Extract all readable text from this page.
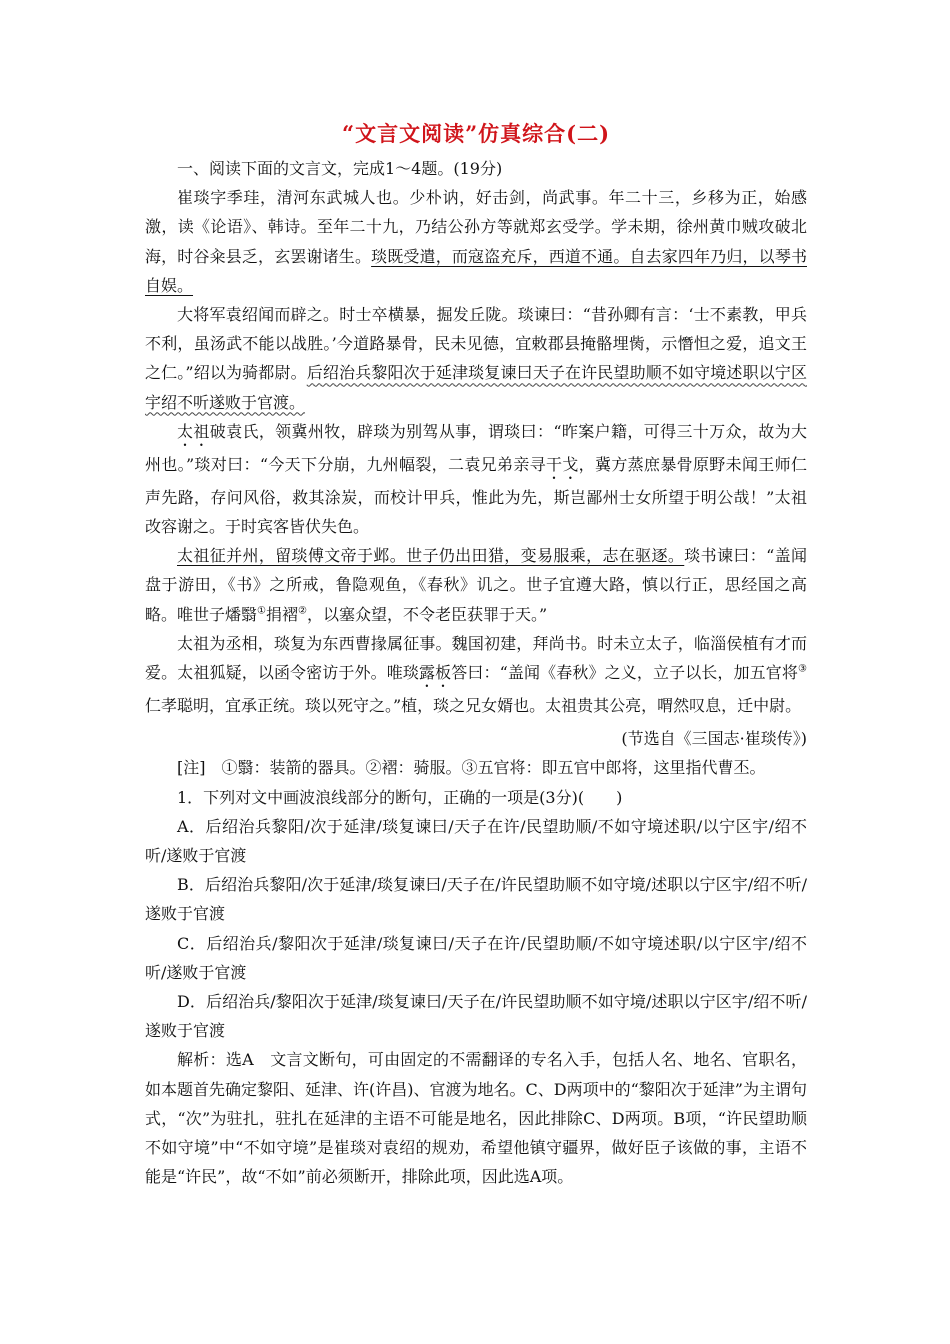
“文言文阅读”仿真综合(二)

一、阅读下面的文言文，完成1～4题。(19分)

崔琰字季珪，清河东武城人也。少朴讷，好击剑，尚武事。年二十三，乡移为正，始感激，读《论语》、韩诗。至年二十九，乃结公孙方等就郑玄受学。学未期，徐州黄巾贼攻破北海，时谷籴县乏，玄罢谢诸生。琰既受遣，而寇盗充斥，西道不通。自去家四年乃归，以琴书自娱。

大将军袁绍闻而辟之。时士卒横暴，掘发丘陇。琰谏曰：“昔孙卿有言：‘士不素教，甲兵不利，虽汤武不能以战胜。’今道路暴骨，民未见德，宜敕郡县掩骼埋胔，示憯怛之爱，追文王之仁。”绍以为骑都尉。后绍治兵黎阳次于延津琰复谏曰天子在许民望助顺不如守境述职以宁区宇绍不听遂败于官渡。

太祖破袁氏，领冀州牧，辟琰为别驾从事，谓琰曰：“昨案户籍，可得三十万众，故为大州也。”琰对曰：“今天下分崩，九州幅裂，二袁兄弟亲寻干戈，冀方蒸庶暴骨原野未闻王师仁声先路，存问风俗，救其涂炭，而校计甲兵，惟此为先，斯岂鄙州士女所望于明公哉！”太祖改容谢之。于时宾客皆伏失色。

太祖征并州，留琰傅文帝于邺。世子仍出田猎，变易服乘，志在驱逐。琰书谏曰：“盖闻盘于游田，《书》之所戒，鲁隐观鱼，《春秋》讥之。世子宜遵大路，慎以行正，思经国之高略。唯世子燔翳①捐褶②，以塞众望，不令老臣获罪于天。”

太祖为丞相，琰复为东西曹掾属征事。魏国初建，拜尚书。时未立太子，临淄侯植有才而爱。太祖狐疑，以函令密访于外。唯琰露板答曰：“盖闻《春秋》之义，立子以长，加五官将③仁孝聪明，宜承正统。琰以死守之。”植，琰之兄女婿也。太祖贵其公亮，喟然叹息，迁中尉。

(节选自《三国志·崔琰传》)

[注]　①翳：装箭的器具。②褶：骑服。③五官将：即五官中郎将，这里指代曹丕。

1．下列对文中画波浪线部分的断句，正确的一项是(3分)(　　)

A．后绍治兵黎阳/次于延津/琰复谏曰/天子在许/民望助顺/不如守境述职/以宁区宇/绍不听/遂败于官渡

B．后绍治兵黎阳/次于延津/琰复谏曰/天子在/许民望助顺不如守境/述职以宁区宇/绍不听/遂败于官渡

C．后绍治兵/黎阳次于延津/琰复谏曰/天子在许/民望助顺/不如守境述职/以宁区宇/绍不听/遂败于官渡

D．后绍治兵/黎阳次于延津/琰复谏曰/天子在/许民望助顺不如守境/述职以宁区宇/绍不听/遂败于官渡

解析：选A　文言文断句，可由固定的不需翻译的专名入手，包括人名、地名、官职名，如本题首先确定黎阳、延津、许(许昌)、官渡为地名。C、D两项中的“黎阳次于延津”为主谓句式，“次”为驻扎，驻扎在延津的主语不可能是地名，因此排除C、D两项。B项，“许民望助顺不如守境”中“不如守境”是崔琰对袁绍的规劝，希望他镇守疆界，做好臣子该做的事，主语不能是“许民”，故“不如”前必须断开，排除此项，因此选A项。
